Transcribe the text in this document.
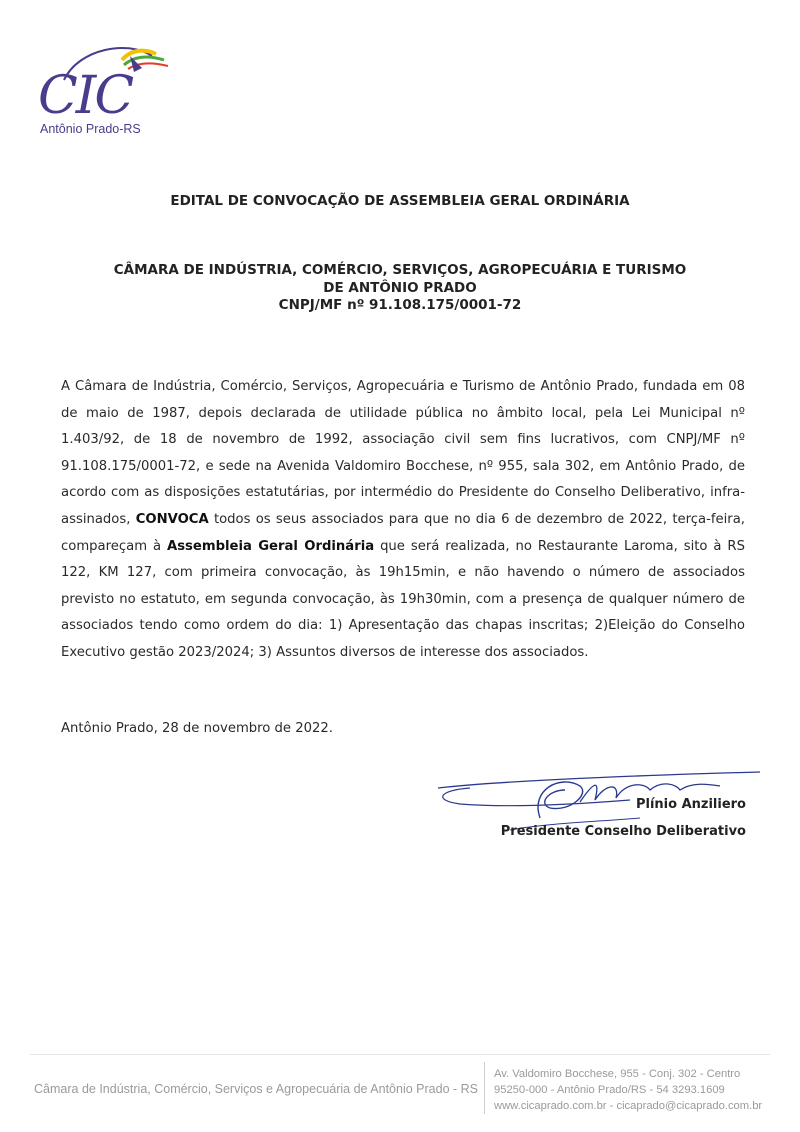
CIC
Antônio Prado-RS
EDITAL DE CONVOCAÇÃO DE ASSEMBLEIA GERAL ORDINÁRIA
CÂMARA DE INDÚSTRIA, COMÉRCIO, SERVIÇOS, AGROPECUÁRIA E TURISMO
DE ANTÔNIO PRADO
CNPJ/MF nº 91.108.175/0001-72
A Câmara de Indústria, Comércio, Serviços, Agropecuária e Turismo de Antônio Prado, fundada em 08 de maio de 1987, depois declarada de utilidade pública no âmbito local, pela Lei Municipal nº 1.403/92, de 18 de novembro de 1992, associação civil sem fins lucrativos, com CNPJ/MF nº 91.108.175/0001-72, e sede na Avenida Valdomiro Bocchese, nº 955, sala 302, em Antônio Prado, de acordo com as disposições estatutárias, por intermédio do Presidente do Conselho Deliberativo, infra-assinados, CONVOCA todos os seus associados para que no dia 6 de dezembro de 2022, terça-feira, compareçam à Assembleia Geral Ordinária que será realizada, no Restaurante Laroma, sito à RS 122, KM 127, com primeira convocação, às 19h15min, e não havendo o número de associados previsto no estatuto, em segunda convocação, às 19h30min, com a presença de qualquer número de associados tendo como ordem do dia: 1) Apresentação das chapas inscritas; 2)Eleição do Conselho Executivo gestão 2023/2024; 3) Assuntos diversos de interesse dos associados.
Antônio Prado, 28 de novembro de 2022.
Plínio Anziliero
Presidente Conselho Deliberativo
Câmara de Indústria, Comércio, Serviços e Agropecuária de Antônio Prado - RS
Av. Valdomiro Bocchese, 955 - Conj. 302 - Centro
95250-000 - Antônio Prado/RS - 54 3293.1609
www.cicaprado.com.br - cicaprado@cicaprado.com.br
